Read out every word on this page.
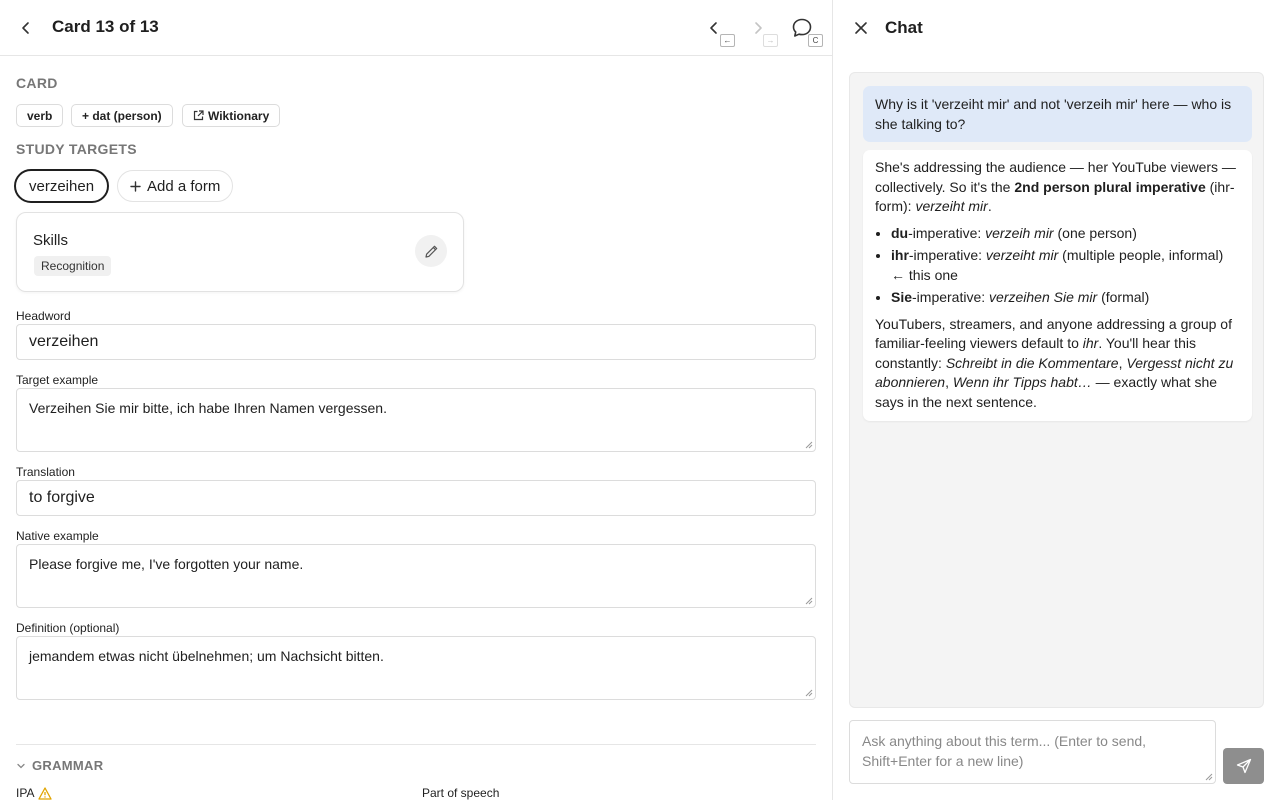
Card 13 of 13
←	→	C
CARD
verb + dat (person)	Wiktionary
STUDY TARGETS
verzeihen	Add a form
Skills
Recognition
Headword
verzeihen
Target example
Verzeihen Sie mir bitte, ich habe Ihren Namen vergessen.
Translation
to forgive
Native example
Please forgive me, I've forgotten your name.
Definition (optional)
jemandem etwas nicht übelnehmen; um Nachsicht bitten.
GRAMMAR
IPA	Part of speech
Chat
Why is it 'verzeiht mir' and not 'verzeih mir' here — who is she talking to?

She's addressing the audience — her YouTube viewers — collectively. So it's the 2nd person plural imperative (ihr-form): verzeiht mir.

• du-imperative: verzeih mir (one person)
• ihr-imperative: verzeiht mir (multiple people, informal) ← this one
• Sie-imperative: verzeihen Sie mir (formal)

YouTubers, streamers, and anyone addressing a group of familiar-feeling viewers default to ihr. You'll hear this constantly: Schreibt in die Kommentare, Vergesst nicht zu abonnieren, Wenn ihr Tipps habt… — exactly what she says in the next sentence.

Ask anything about this term... (Enter to send, Shift+Enter for a new line)
